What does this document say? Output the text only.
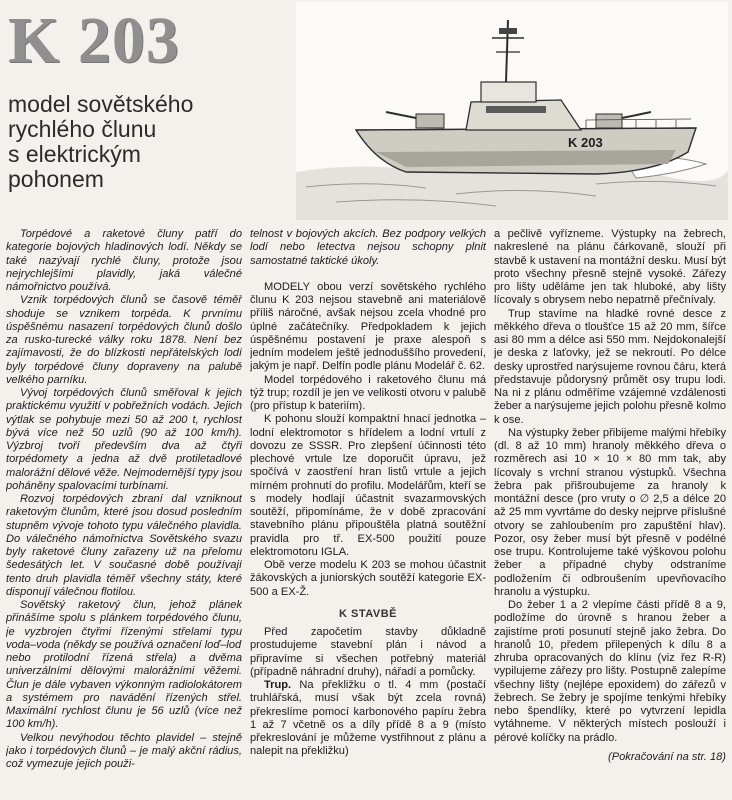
K 203
model sovětského
rychlého člunu
s elektrickým
pohonem
K 203

Torpédové a raketové čluny patří do kategorie bojových hladinových lodí. Někdy se také nazývají rychlé čluny, protože jsou nejrychlejšími plavidly, jaká válečné námořnictvo používá.

Vznik torpédových člunů se časově téměř shoduje se vznikem torpéda. K prvnímu úspěšnému nasazení torpédových člunů došlo za rusko-turecké války roku 1878. Není bez zajímavosti, že do blízkosti nepřátelských lodí byly torpédové čluny dopraveny na palubě velkého parníku.

Vývoj torpédových člunů směřoval k jejich praktickému využití v pobřežních vodách. Jejich výtlak se pohybuje mezi 50 až 200 t, rychlost bývá více než 50 uzlů (90 až 100 km/h). Výzbroj tvoří především dva až čtyři torpédomety a jedna až dvě protiletadlové malorážní dělové věže. Nejmodernější typy jsou poháněny spalovacími turbínami.

Rozvoj torpédových zbraní dal vzniknout raketovým člunům, které jsou dosud posledním stupněm vývoje tohoto typu válečného plavidla. Do válečného námořnictva Sovětského svazu byly raketové čluny zařazeny už na přelomu šedesátých let. V současné době používají tento druh plavidla téměř všechny státy, které disponují válečnou flotilou.

Sovětský raketový člun, jehož plánek přinášíme spolu s plánkem torpédového člunu, je vyzbrojen čtyřmi řízenými střelami typu voda–voda (někdy se používá označení loď–loď nebo protilodní řízená střela) a dvěma univerzálními dělovými malorážními věžemi. Člun je dále vybaven výkonným radiolokátorem a systémem pro navádění řízených střel. Maximální rychlost člunu je 56 uzlů (více než 100 km/h).

Velkou nevýhodou těchto plavidel – stejně jako i torpédových člunů – je malý akční rádius, což vymezuje jejich použi-

telnost v bojových akcích. Bez podpory velkých lodí nebo letectva nejsou schopny plnit samostatné taktické úkoly.

MODELY obou verzí sovětského rychlého člunu K 203 nejsou stavebně ani materiálově příliš náročné, avšak nejsou zcela vhodné pro úplné začátečníky. Předpokladem k jejich úspěšnému postavení je praxe alespoň s jedním modelem ještě jednoduššího provedení, jakým je např. Delfín podle plánu Modelář č. 62.

Model torpédového i raketového člunu má týž trup; rozdíl je jen ve velikosti otvoru v palubě (pro přístup k bateriím).

K pohonu slouží kompaktní hnací jednotka – lodní elektromotor s hřídelem a lodní vrtulí z dovozu ze SSSR. Pro zlepšení účinnosti této plechové vrtule lze doporučit úpravu, jež spočívá v zaostření hran listů vrtule a jejich mírném prohnutí do profilu. Modelářům, kteří se s modely hodlají účastnit svazarmovských soutěží, připomínáme, že v době zpracování stavebního plánu připouštěla platná soutěžní pravidla pro tř. EX-500 použití pouze elektromotoru IGLA.

Obě verze modelu K 203 se mohou účastnit žákovských a juniorských soutěží kategorie EX-500 a EX-Ž.

K STAVBĚ

Před započetím stavby důkladně prostudujeme stavební plán i návod a připravíme si všechen potřebný materiál (případně náhradní druhy), nářadí a pomůcky.

Trup. Na překližku o tl. 4 mm (postačí truhlářská, musí však být zcela rovná) překreslíme pomocí karbonového papíru žebra 1 až 7 včetně os a díly přídě 8 a 9 (místo překreslování je můžeme vystřihnout z plánu a nalepit na překližku)

a pečlivě vyřízneme. Výstupky na žebrech, nakreslené na plánu čárkovaně, slouží při stavbě k ustavení na montážní desku. Musí být proto všechny přesně stejně vysoké. Zářezy pro lišty uděláme jen tak hluboké, aby lišty lícovaly s obrysem nebo nepatrně přečnívaly.

Trup stavíme na hladké rovné desce z měkkého dřeva o tloušťce 15 až 20 mm, šířce asi 80 mm a délce asi 550 mm. Nejdokonalejší je deska z laťovky, jež se nekroutí. Po délce desky uprostřed narýsujeme rovnou čáru, která představuje půdorysný průmět osy trupu lodi. Na ni z plánu odměříme vzájemné vzdálenosti žeber a narýsujeme jejich polohu přesně kolmo k ose.

Na výstupky žeber přibijeme malými hřebíky (dl. 8 až 10 mm) hranoly měkkého dřeva o rozměrech asi 10 × 10 × 80 mm tak, aby lícovaly s vrchní stranou výstupků. Všechna žebra pak přišroubujeme za hranoly k montážní desce (pro vruty o ∅ 2,5 a délce 20 až 25 mm vyvrtáme do desky nejprve příslušné otvory se zahloubením pro zapuštění hlav). Pozor, osy žeber musí být přesně v podélné ose trupu. Kontrolujeme také výškovou polohu žeber a případné chyby odstraníme podložením či odbroušením upevňovacího hranolu a výstupku.

Do žeber 1 a 2 vlepíme části přídě 8 a 9, podložíme do úrovně s hranou žeber a zajistíme proti posunutí stejně jako žebra. Do hranolů 10, předem přilepených k dílu 8 a zhruba opracovaných do klínu (viz řez R-R) vypilujeme zářezy pro lišty. Postupně zalepíme všechny lišty (nejlépe epoxidem) do zářezů v žebrech. Se žebry je spojíme tenkými hřebíky nebo špendlíky, které po vytvrzení lepidla vytáhneme. V některých místech poslouží i pérové kolíčky na prádlo.

(Pokračování na str. 18)
